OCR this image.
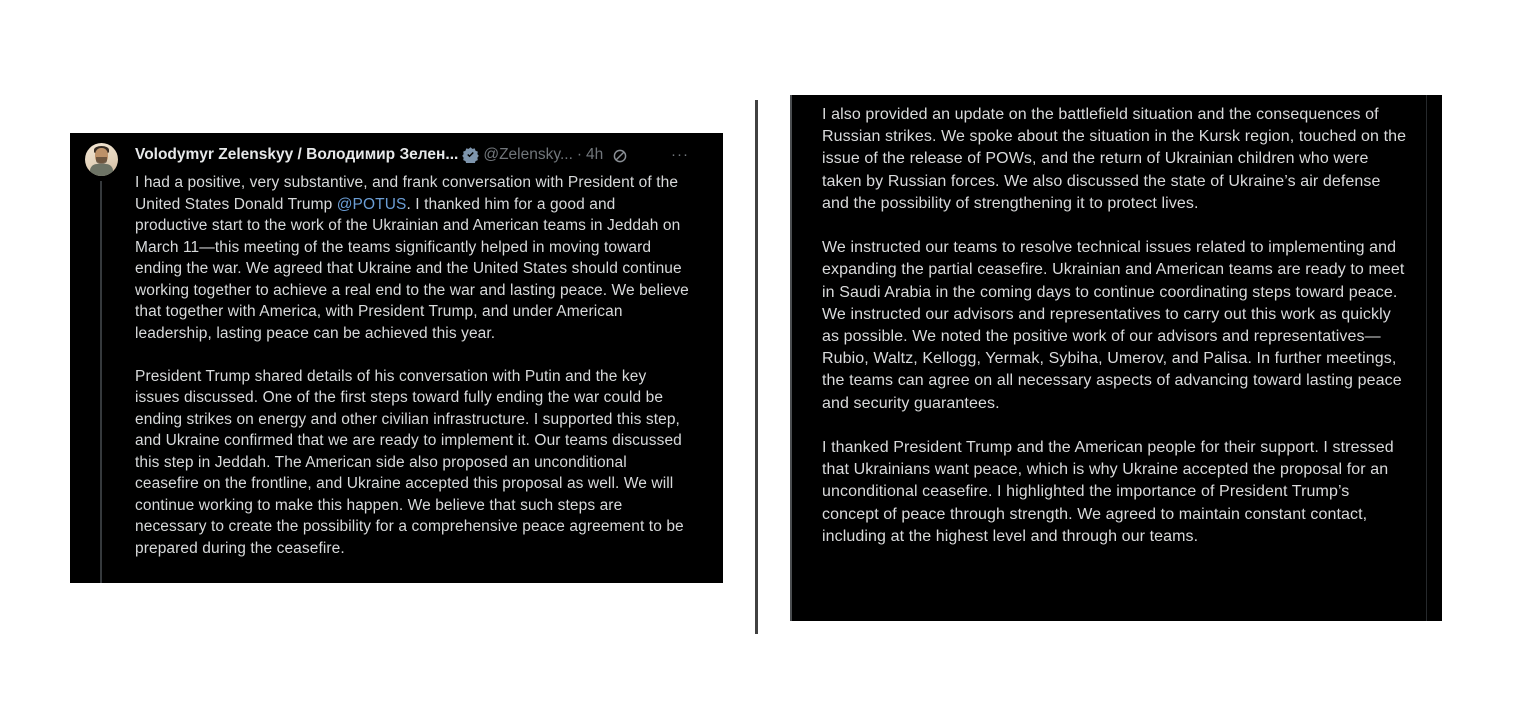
Volodymyr Zelenskyy / Володимир Зелен... @Zelensky... · 4h	···

I had a positive, very substantive, and frank conversation with President of the United States Donald Trump @POTUS. I thanked him for a good and productive start to the work of the Ukrainian and American teams in Jeddah on March 11—this meeting of the teams significantly helped in moving toward ending the war. We agreed that Ukraine and the United States should continue working together to achieve a real end to the war and lasting peace. We believe that together with America, with President Trump, and under American leadership, lasting peace can be achieved this year.

President Trump shared details of his conversation with Putin and the key issues discussed. One of the first steps toward fully ending the war could be ending strikes on energy and other civilian infrastructure. I supported this step, and Ukraine confirmed that we are ready to implement it. Our teams discussed this step in Jeddah. The American side also proposed an unconditional ceasefire on the frontline, and Ukraine accepted this proposal as well. We will continue working to make this happen. We believe that such steps are necessary to create the possibility for a comprehensive peace agreement to be prepared during the ceasefire.

I also provided an update on the battlefield situation and the consequences of Russian strikes. We spoke about the situation in the Kursk region, touched on the issue of the release of POWs, and the return of Ukrainian children who were taken by Russian forces. We also discussed the state of Ukraine’s air defense and the possibility of strengthening it to protect lives.

We instructed our teams to resolve technical issues related to implementing and expanding the partial ceasefire. Ukrainian and American teams are ready to meet in Saudi Arabia in the coming days to continue coordinating steps toward peace. We instructed our advisors and representatives to carry out this work as quickly as possible. We noted the positive work of our advisors and representatives—Rubio, Waltz, Kellogg, Yermak, Sybiha, Umerov, and Palisa. In further meetings, the teams can agree on all necessary aspects of advancing toward lasting peace and security guarantees.

I thanked President Trump and the American people for their support. I stressed that Ukrainians want peace, which is why Ukraine accepted the proposal for an unconditional ceasefire. I highlighted the importance of President Trump’s concept of peace through strength. We agreed to maintain constant contact, including at the highest level and through our teams.
